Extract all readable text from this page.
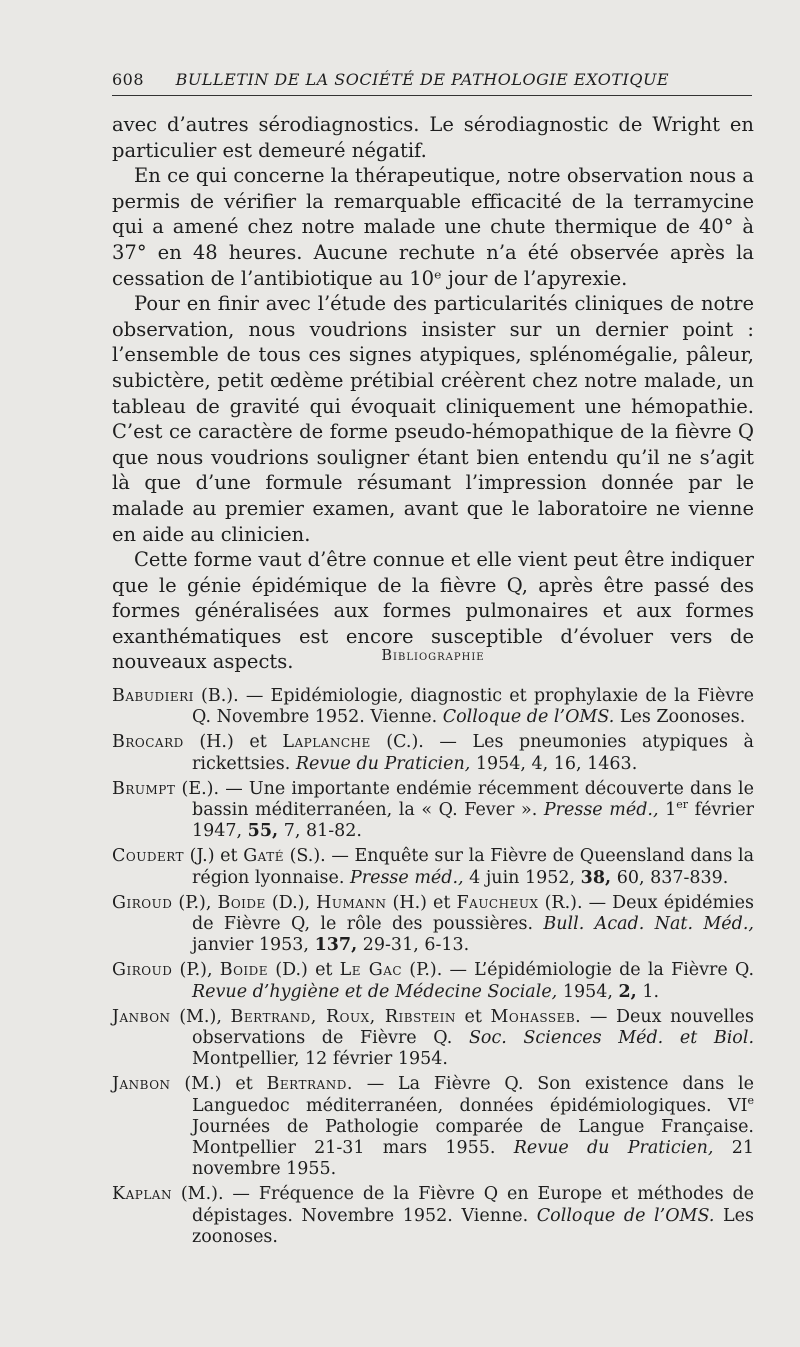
608 BULLETIN DE LA SOCIÉTÉ DE PATHOLOGIE EXOTIQUE

avec d’autres sérodiagnostics. Le sérodiagnostic de Wright en particulier est demeuré négatif.

En ce qui concerne la thérapeutique, notre observation nous a permis de vérifier la remarquable efficacité de la terramycine qui a amené chez notre malade une chute thermique de 40° à 37° en 48 heures. Aucune rechute n’a été observée après la cessation de l’antibiotique au 10ᵉ jour de l’apyrexie.

Pour en finir avec l’étude des particularités cliniques de notre observation, nous voudrions insister sur un dernier point : l’ensemble de tous ces signes atypiques, splénomégalie, pâleur, subictère, petit œdème prétibial créèrent chez notre malade, un tableau de gravité qui évoquait cliniquement une hémopathie. C’est ce caractère de forme pseudo-hémopathique de la fièvre Q que nous voudrions souligner étant bien entendu qu’il ne s’agit là que d’une formule résumant l’impression donnée par le malade au premier examen, avant que le laboratoire ne vienne en aide au clinicien.

Cette forme vaut d’être connue et elle vient peut être indiquer que le génie épidémique de la fièvre Q, après être passé des formes généralisées aux formes pulmonaires et aux formes exanthématiques est encore susceptible d’évoluer vers de nouveaux aspects.	Bibliographie

Babudieri (B.). — Epidémiologie, diagnostic et prophylaxie de la Fièvre Q. Novembre 1952. Vienne. Colloque de l’OMS. Les Zoonoses.

Brocard (H.) et Laplanche (C.). — Les pneumonies atypiques à rickettsies. Revue du Praticien, 1954, 4, 16, 1463.

Brumpt (E.). — Une importante endémie récemment découverte dans le bassin méditerranéen, la « Q. Fever ». Presse méd., 1er février 1947, 55, 7, 81-82.

Coudert (J.) et Gaté (S.). — Enquête sur la Fièvre de Queensland dans la région lyonnaise. Presse méd., 4 juin 1952, 38, 60, 837-839.

Giroud (P.), Boide (D.), Humann (H.) et Faucheux (R.). — Deux épidémies de Fièvre Q, le rôle des poussières. Bull. Acad. Nat. Méd., janvier 1953, 137, 29-31, 6-13.

Giroud (P.), Boide (D.) et Le Gac (P.). — L’épidémiologie de la Fièvre Q. Revue d’hygiène et de Médecine Sociale, 1954, 2, 1.

Janbon (M.), Bertrand, Roux, Ribstein et Mohasseb. — Deux nouvelles observations de Fièvre Q. Soc. Sciences Méd. et Biol. Montpellier, 12 février 1954.

Janbon (M.) et Bertrand. — La Fièvre Q. Son existence dans le Languedoc méditerranéen, données épidémiologiques. VIe Journées de Pathologie comparée de Langue Française. Montpellier 21-31 mars 1955. Revue du Praticien, 21 novembre 1955.

Kaplan (M.). — Fréquence de la Fièvre Q en Europe et méthodes de dépistages. Novembre 1952. Vienne. Colloque de l’OMS. Les zoonoses.
